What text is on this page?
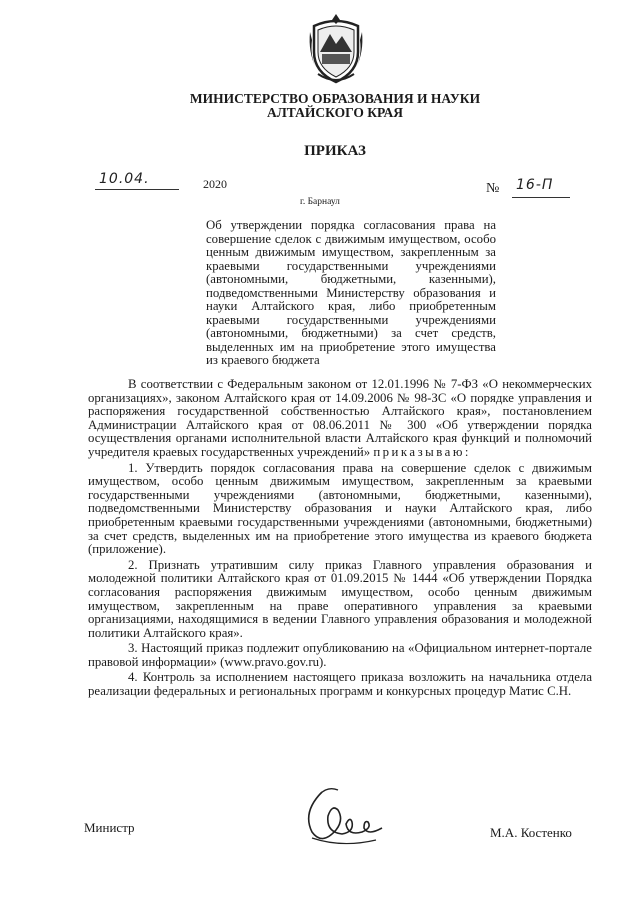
МИНИСТЕРСТВО ОБРАЗОВАНИЯ И НАУКИ
АЛТАЙСКОГО КРАЯ
ПРИКАЗ
10.04.	2020
г. Барнаул
№ 16-П
Об утверждении порядка согласования права на совершение сделок с движимым имуществом, особо ценным движимым имуществом, закрепленным за краевыми государственными учреждениями (автономными, бюджетными, казенными), подведомственными Министерству образования и науки Алтайского края, либо приобретенным краевыми государственными учреждениями (автономными, бюджетными) за счет средств, выделенных им на приобретение этого имущества из краевого бюджета

В соответствии с Федеральным законом от 12.01.1996 № 7-ФЗ «О некоммерческих организациях», законом Алтайского края от 14.09.2006 № 98-ЗС «О порядке управления и распоряжения государственной собственностью Алтайского края», постановлением Администрации Алтайского края от 08.06.2011 № 300 «Об утверждении порядка осуществления органами исполнительной власти Алтайского края функций и полномочий учредителя краевых государственных учреждений» приказываю:

1. Утвердить порядок согласования права на совершение сделок с движимым имуществом, особо ценным движимым имуществом, закрепленным за краевыми государственными учреждениями (автономными, бюджетными, казенными), подведомственными Министерству образования и науки Алтайского края, либо приобретенным краевыми государственными учреждениями (автономными, бюджетными) за счет средств, выделенных им на приобретение этого имущества из краевого бюджета (приложение).

2. Признать утратившим силу приказ Главного управления образования и молодежной политики Алтайского края от 01.09.2015 № 1444 «Об утверждении Порядка согласования распоряжения движимым имуществом, особо ценным движимым имуществом, закрепленным на праве оперативного управления за краевыми организациями, находящимися в ведении Главного управления образования и молодежной политики Алтайского края».

3. Настоящий приказ подлежит опубликованию на «Официальном интернет-портале правовой информации» (www.pravo.gov.ru).

4. Контроль за исполнением настоящего приказа возложить на начальника отдела реализации федеральных и региональных программ и конкурсных процедур Матис С.Н.

Министр	М.А. Костенко
